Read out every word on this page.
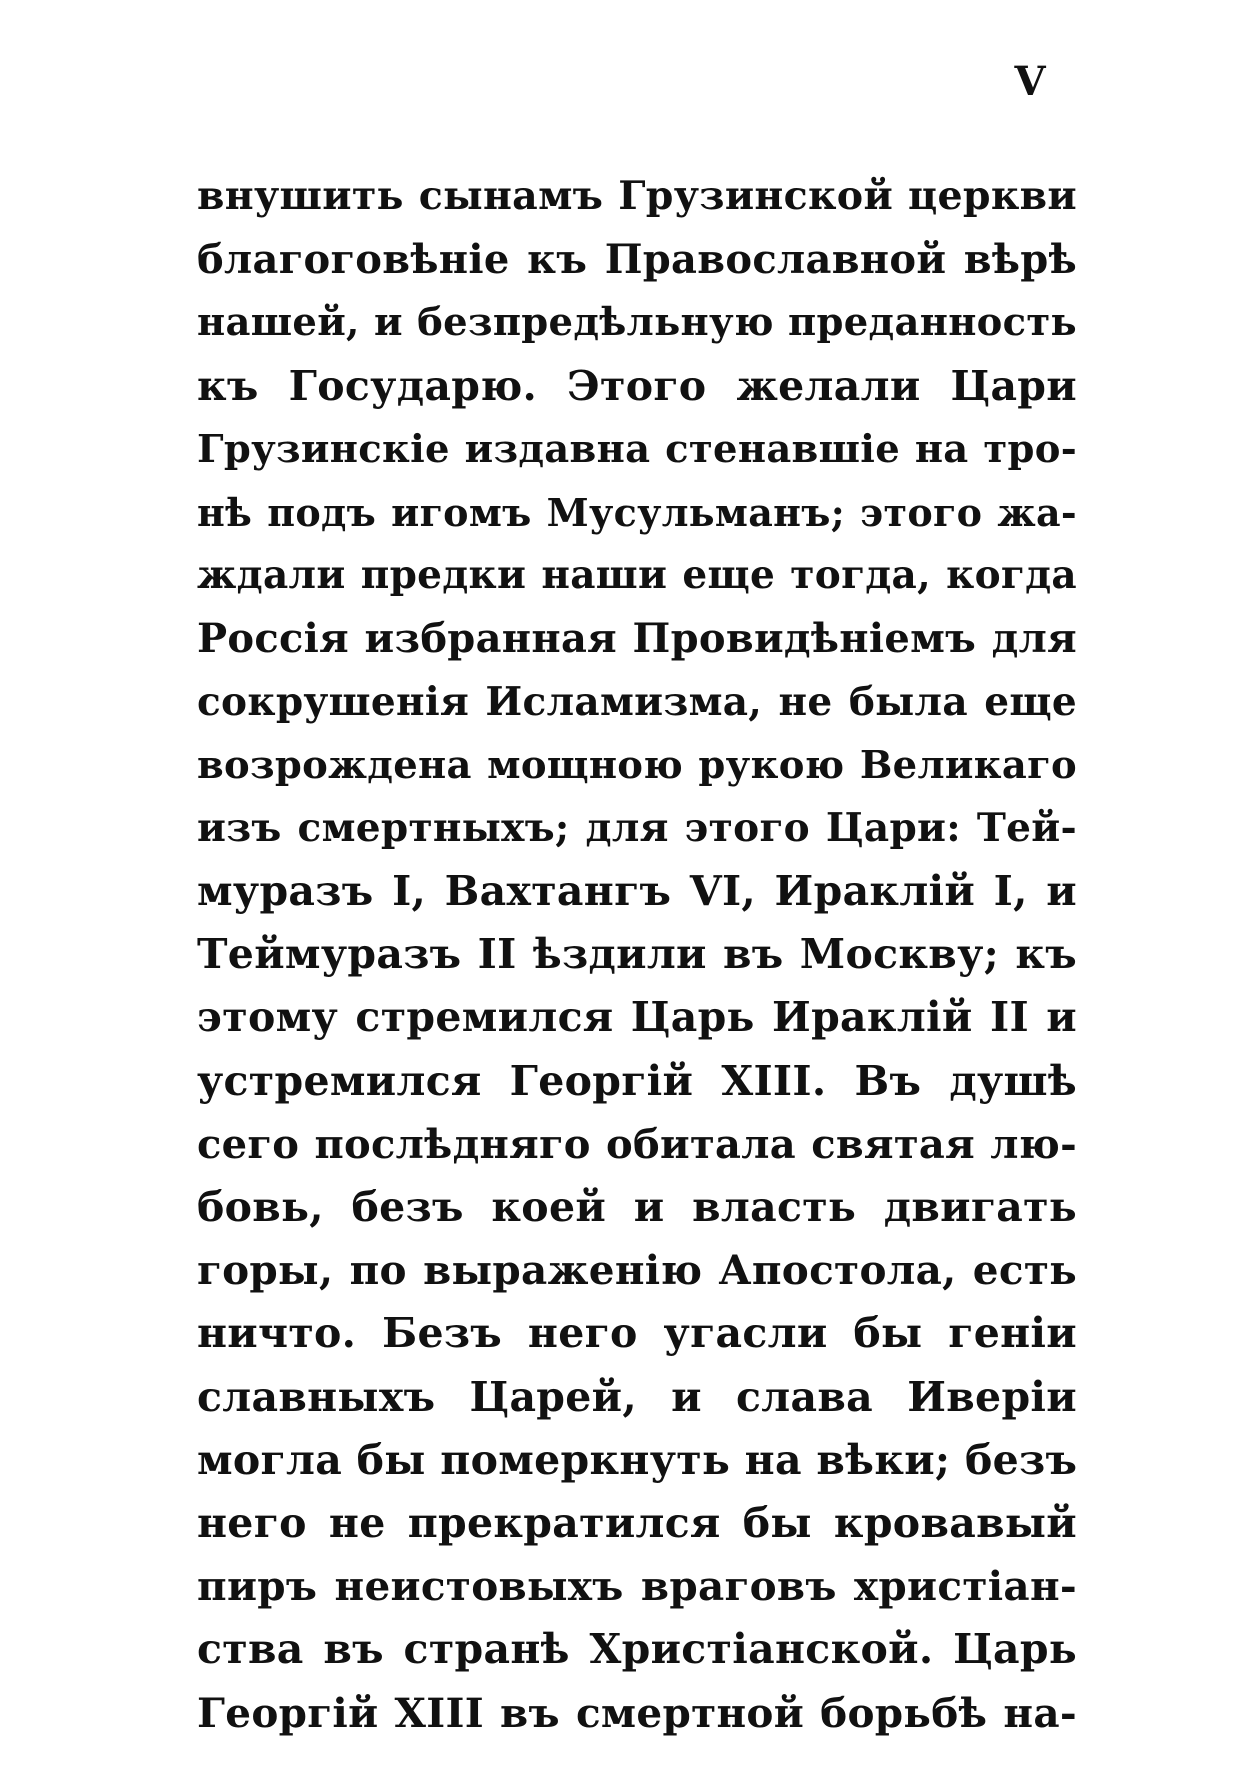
V
внушить сынамъ Грузинской церкви
благоговѣніе къ Православной вѣрѣ
нашей, и безпредѣльную преданность
къ Государю. Этого желали Цари
Грузинскіе издавна стенавшіе на тро-
нѣ подъ игомъ Мусульманъ; этого жа-
ждали предки наши еще тогда, когда
Россія избранная Провидѣніемъ для
сокрушенія Исламизма, не была еще
возрождена мощною рукою Великаго
изъ смертныхъ; для этого Цари: Тей-
муразъ I, Вахтангъ VI, Ираклій I, и
Теймуразъ II ѣздили въ Москву; къ
этому стремился Царь Ираклій II и
устремился Георгій XIII. Въ душѣ
сего послѣдняго обитала святая лю-
бовь, безъ коей и власть двигать
горы, по выраженію Апостола, есть
ничто. Безъ него угасли бы геніи
славныхъ Царей, и слава Иверіи
могла бы померкнуть на вѣки; безъ
него не прекратился бы кровавый
пиръ неистовыхъ враговъ христіан-
ства въ странѣ Христіанской. Царь
Георгій XIII въ смертной борьбѣ на-
